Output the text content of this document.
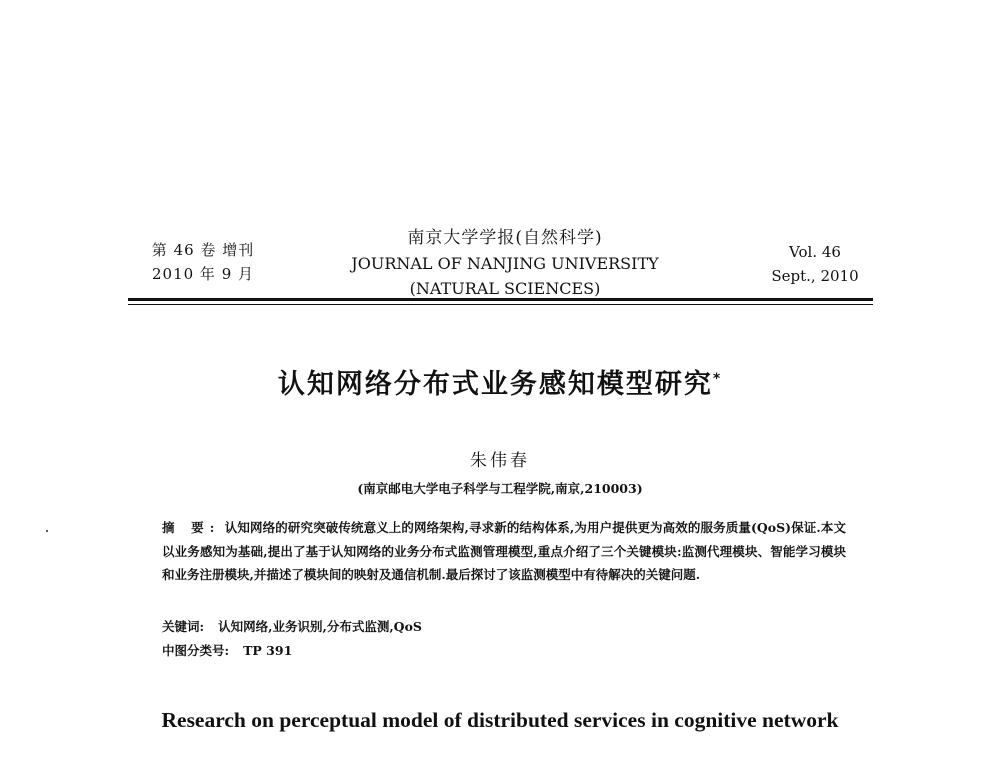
第 46 卷 增刊
2010 年 9 月
南京大学学报(自然科学)
JOURNAL OF NANJING UNIVERSITY
(NATURAL SCIENCES)
Vol. 46
Sept., 2010
认知网络分布式业务感知模型研究*
朱伟春
(南京邮电大学电子科学与工程学院,南京,210003)
摘 要: 认知网络的研究突破传统意义上的网络架构,寻求新的结构体系,为用户提供更为高效的服务质量(QoS)保证.本文以业务感知为基础,提出了基于认知网络的业务分布式监测管理模型,重点介绍了三个关键模块:监测代理模块、智能学习模块和业务注册模块,并描述了模块间的映射及通信机制.最后探讨了该监测模型中有待解决的关键问题.
关键词: 认知网络,业务识别,分布式监测,QoS
中图分类号: TP 391
Research on perceptual model of distributed services in cognitive network
